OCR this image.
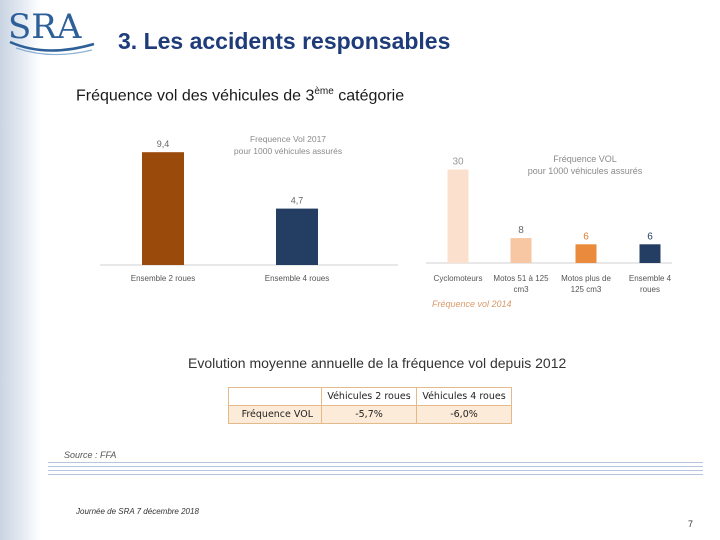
SRA 3. Les accidents responsables
Fréquence vol des véhicules de 3ème catégorie
9,4
Ensemble 2 roues
4,7
Ensemble 4 roues
Frequence Vol 2017
pour 1000 véhicules assurés
30
Cyclomoteurs
8
Motos 51 à 125
cm3
6
Motos plus de
125 cm3
6
Ensemble 4
roues
Fréquence VOL
pour 1000 véhicules assurés
Fréquence vol 2014
Evolution moyenne annuelle de la fréquence vol depuis 2012
	Véhicules 2 roues	Véhicules 4 roues
Fréquence VOL	-5,7%	-6,0%
Source : FFA
Journée de SRA 7 décembre 2018
7
